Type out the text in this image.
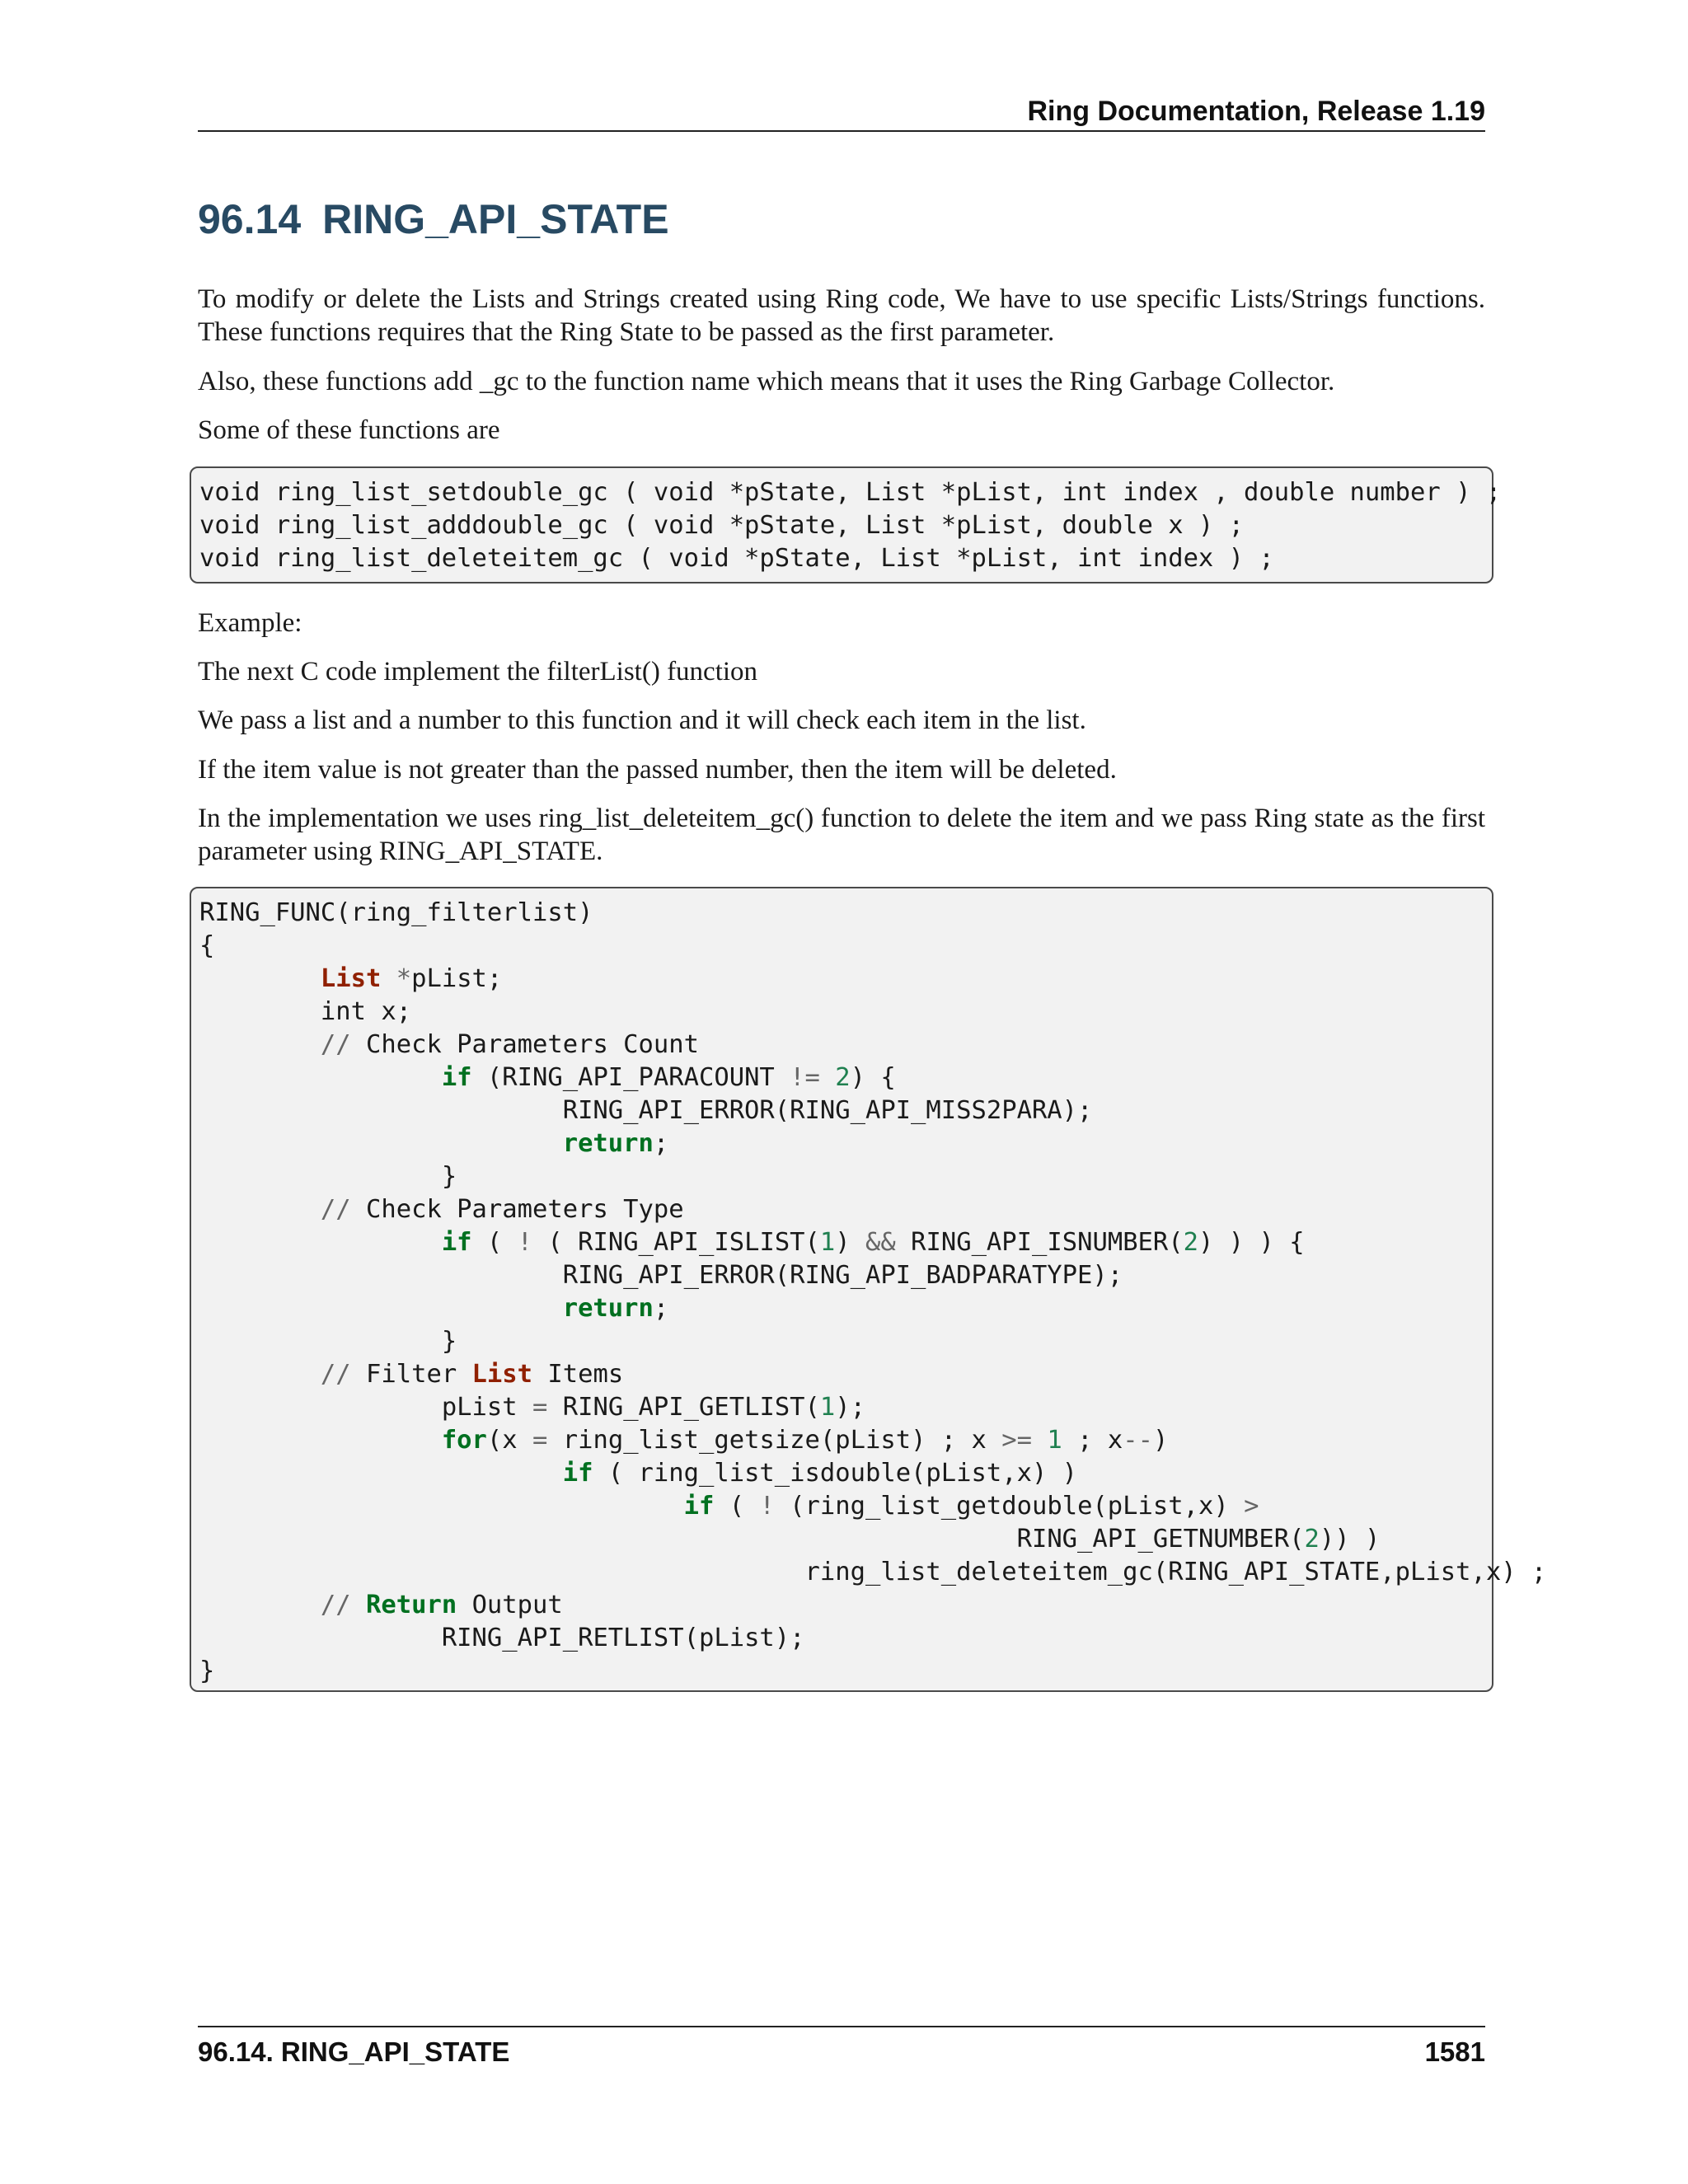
Ring Documentation, Release 1.19
96.14 RING_API_STATE

To modify or delete the Lists and Strings created using Ring code, We have to use specific Lists/Strings functions. These functions requires that the Ring State to be passed as the first parameter.

Also, these functions add _gc to the function name which means that it uses the Ring Garbage Collector.

Some of these functions are

void ring_list_setdouble_gc ( void *pState, List *pList, int index , double number ) ;
void ring_list_adddouble_gc ( void *pState, List *pList, double x ) ;
void ring_list_deleteitem_gc ( void *pState, List *pList, int index ) ;

Example:

The next C code implement the filterList() function

We pass a list and a number to this function and it will check each item in the list.

If the item value is not greater than the passed number, then the item will be deleted.

In the implementation we uses ring_list_deleteitem_gc() function to delete the item and we pass Ring state as the first parameter using RING_API_STATE.

RING_FUNC(ring_filterlist)
{
	List *pList;
	int x;
	// Check Parameters Count
		if (RING_API_PARACOUNT != 2) {
			RING_API_ERROR(RING_API_MISS2PARA);
			return;
		}
	// Check Parameters Type
		if ( ! ( RING_API_ISLIST(1) && RING_API_ISNUMBER(2) ) ) {
			RING_API_ERROR(RING_API_BADPARATYPE);
			return;
		}
	// Filter List Items
		pList = RING_API_GETLIST(1);
		for(x = ring_list_getsize(pList) ; x >= 1 ; x--)
			if ( ring_list_isdouble(pList,x) )
				if ( ! (ring_list_getdouble(pList,x) >
						RING_API_GETNUMBER(2)) )
					ring_list_deleteitem_gc(RING_API_STATE,pList,x) ;
	// Return Output
		RING_API_RETLIST(pList);
}
96.14. RING_API_STATE	1581
